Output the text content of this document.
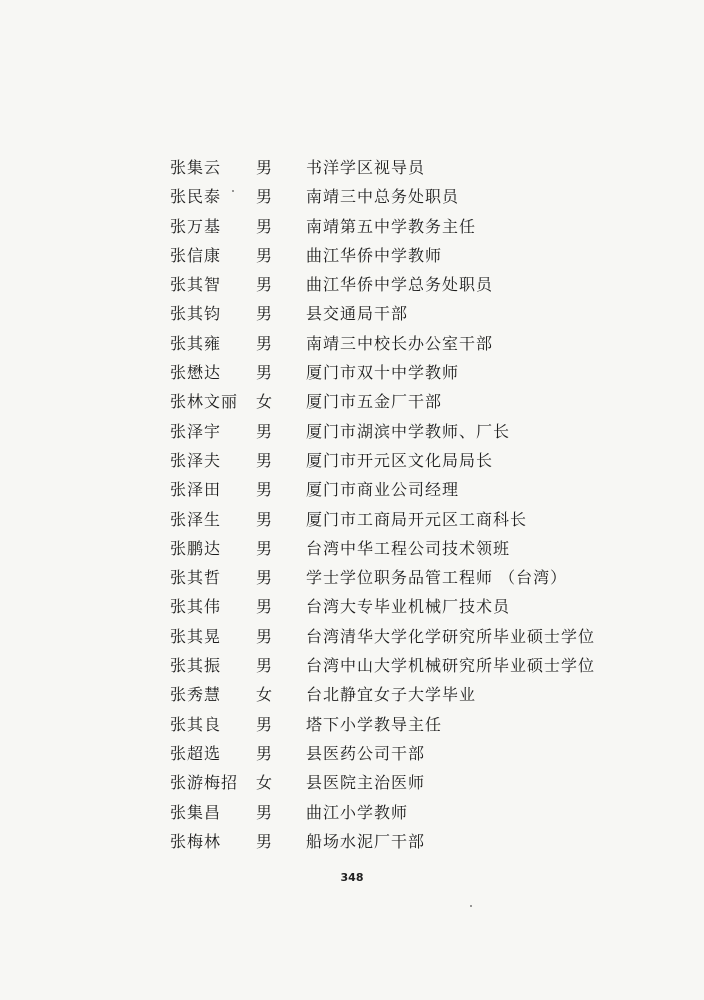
张集云 男 书洋学区视导员
张民泰 男 南靖三中总务处职员
张万基 男 南靖第五中学教务主任
张信康 男 曲江华侨中学教师
张其智 男 曲江华侨中学总务处职员
张其钧 男 县交通局干部
张其雍 男 南靖三中校长办公室干部
张懋达 男 厦门市双十中学教师
张林文丽 女 厦门市五金厂干部
张泽宇 男 厦门市湖滨中学教师、厂长
张泽夫 男 厦门市开元区文化局局长
张泽田 男 厦门市商业公司经理
张泽生 男 厦门市工商局开元区工商科长
张鹏达 男 台湾中华工程公司技术领班
张其哲 男 学士学位职务品管工程师 （台湾）
张其伟 男 台湾大专毕业机械厂技术员
张其晃 男 台湾清华大学化学研究所毕业硕士学位
张其振 男 台湾中山大学机械研究所毕业硕士学位
张秀慧 女 台北静宜女子大学毕业
张其良 男 塔下小学教导主任
张超选 男 县医药公司干部
张游梅招 女 县医院主治医师
张集昌 男 曲江小学教师
张梅林 男 船场水泥厂干部
348
